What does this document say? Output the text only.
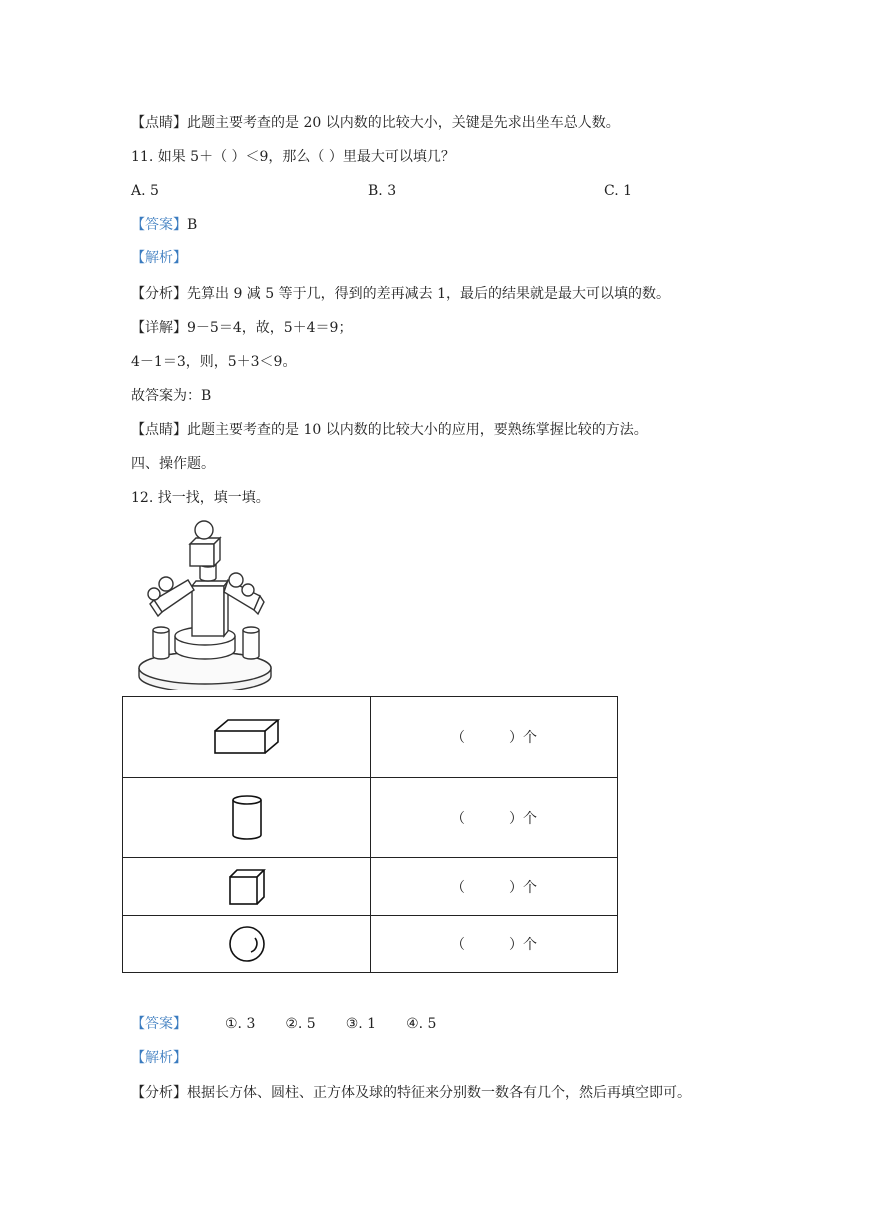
【点睛】此题主要考查的是 20 以内数的比较大小，关键是先求出坐车总人数。
11. 如果 5＋（ ）＜9，那么（ ）里最大可以填几？
A. 5	B. 3	C. 1
【答案】B
【解析】
【分析】先算出 9 减 5 等于几，得到的差再减去 1，最后的结果就是最大可以填的数。
【详解】9－5＝4，故，5＋4＝9；
4－1＝3，则，5＋3＜9。
故答案为：B
【点睛】此题主要考查的是 10 以内数的比较大小的应用，要熟练掌握比较的方法。
四、操作题。
12. 找一找，填一填。
	（ ）个

	（ ）个

	（ ）个

	（ ）个
【答案】	①. 3 ②. 5 ③. 1 ④. 5
【解析】
【分析】根据长方体、圆柱、正方体及球的特征来分别数一数各有几个，然后再填空即可。
